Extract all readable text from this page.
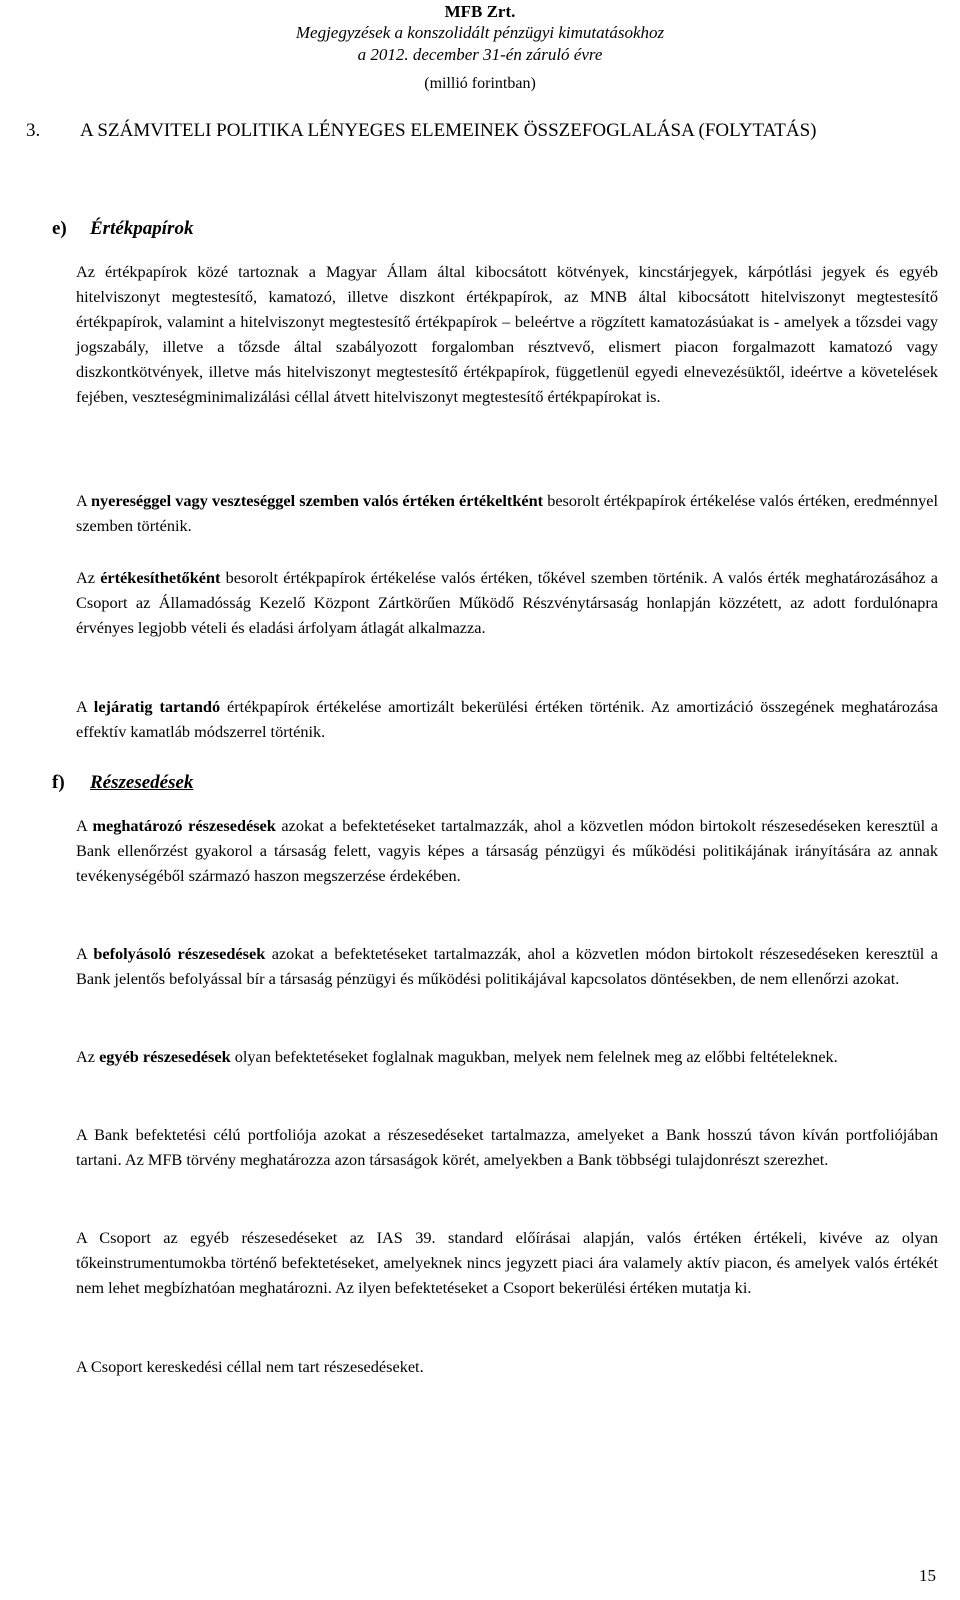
MFB Zrt.
Megjegyzések a konszolidált pénzügyi kimutatásokhoz
a 2012. december 31-én záruló évre
(millió forintban)
3.	A SZÁMVITELI POLITIKA LÉNYEGES ELEMEINEK ÖSSZEFOGLALÁSA (FOLYTATÁS)
e)	Értékpapírok
Az értékpapírok közé tartoznak a Magyar Állam által kibocsátott kötvények, kincstárjegyek, kárpótlási jegyek és egyéb hitelviszonyt megtestesítő, kamatozó, illetve diszkont értékpapírok, az MNB által kibocsátott hitelviszonyt megtestesítő értékpapírok, valamint a hitelviszonyt megtestesítő értékpapírok – beleértve a rögzített kamatozásúakat is - amelyek a tőzsdei vagy jogszabály, illetve a tőzsde által szabályozott forgalomban résztvevő, elismert piacon forgalmazott kamatozó vagy diszkontkötvények, illetve más hitelviszonyt megtestesítő értékpapírok, függetlenül egyedi elnevezésüktől, ideértve a követelések fejében, veszteségminimalizálási céllal átvett hitelviszonyt megtestesítő értékpapírokat is.
A nyereséggel vagy veszteséggel szemben valós értéken értékeltként besorolt értékpapírok értékelése valós értéken, eredménnyel szemben történik.
Az értékesíthetőként besorolt értékpapírok értékelése valós értéken, tőkével szemben történik. A valós érték meghatározásához a Csoport az Államadósság Kezelő Központ Zártkörűen Működő Részvénytársaság honlapján közzétett, az adott fordulónapra érvényes legjobb vételi és eladási árfolyam átlagát alkalmazza.
A lejáratig tartandó értékpapírok értékelése amortizált bekerülési értéken történik. Az amortizáció összegének meghatározása effektív kamatláb módszerrel történik.
f)	Részesedések
A meghatározó részesedések azokat a befektetéseket tartalmazzák, ahol a közvetlen módon birtokolt részesedéseken keresztül a Bank ellenőrzést gyakorol a társaság felett, vagyis képes a társaság pénzügyi és működési politikájának irányítására az annak tevékenységéből származó haszon megszerzése érdekében.
A befolyásoló részesedések azokat a befektetéseket tartalmazzák, ahol a közvetlen módon birtokolt részesedéseken keresztül a Bank jelentős befolyással bír a társaság pénzügyi és működési politikájával kapcsolatos döntésekben, de nem ellenőrzi azokat.
Az egyéb részesedések olyan befektetéseket foglalnak magukban, melyek nem felelnek meg az előbbi feltételeknek.
A Bank befektetési célú portfoliója azokat a részesedéseket tartalmazza, amelyeket a Bank hosszú távon kíván portfoliójában tartani. Az MFB törvény meghatározza azon társaságok körét, amelyekben a Bank többségi tulajdonrészt szerezhet.
A Csoport az egyéb részesedéseket az IAS 39. standard előírásai alapján, valós értéken értékeli, kivéve az olyan tőkeinstrumentumokba történő befektetéseket, amelyeknek nincs jegyzett piaci ára valamely aktív piacon, és amelyek valós értékét nem lehet megbízhatóan meghatározni. Az ilyen befektetéseket a Csoport bekerülési értéken mutatja ki.
A Csoport kereskedési céllal nem tart részesedéseket.
15
